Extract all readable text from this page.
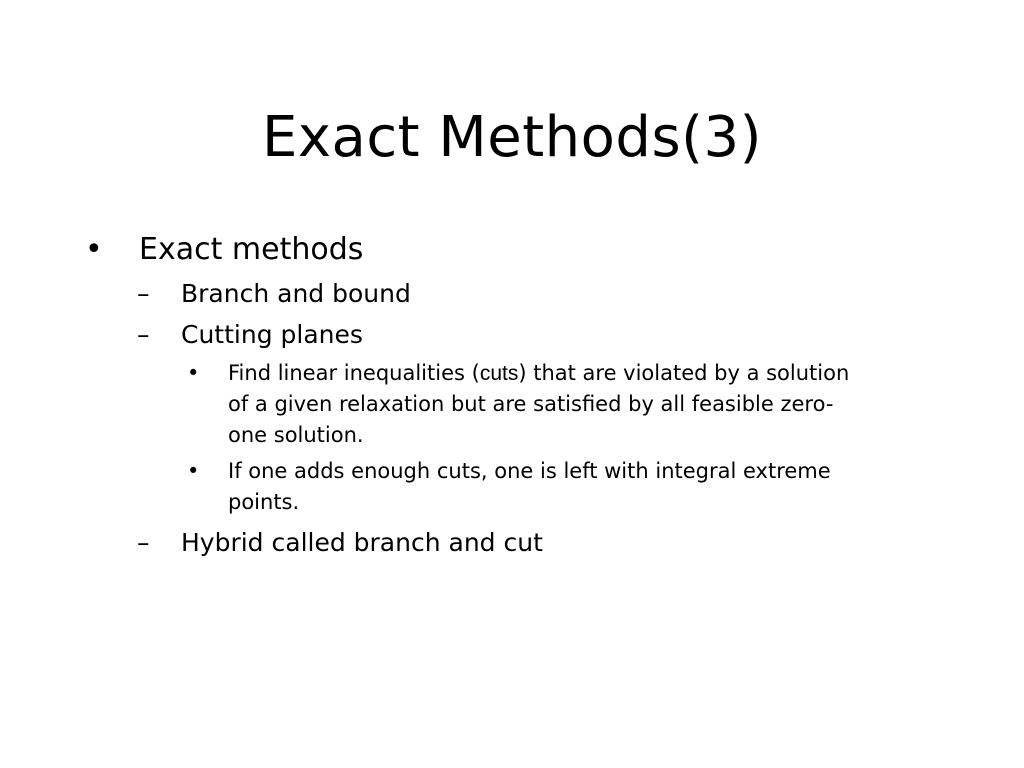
Exact Methods(3)
• Exact methods
– Branch and bound
– Cutting planes
• Find linear inequalities (cuts) that are violated by a solution
of a given relaxation but are satisfied by all feasible zero-
one solution.
• If one adds enough cuts, one is left with integral extreme
points.
– Hybrid called branch and cut
